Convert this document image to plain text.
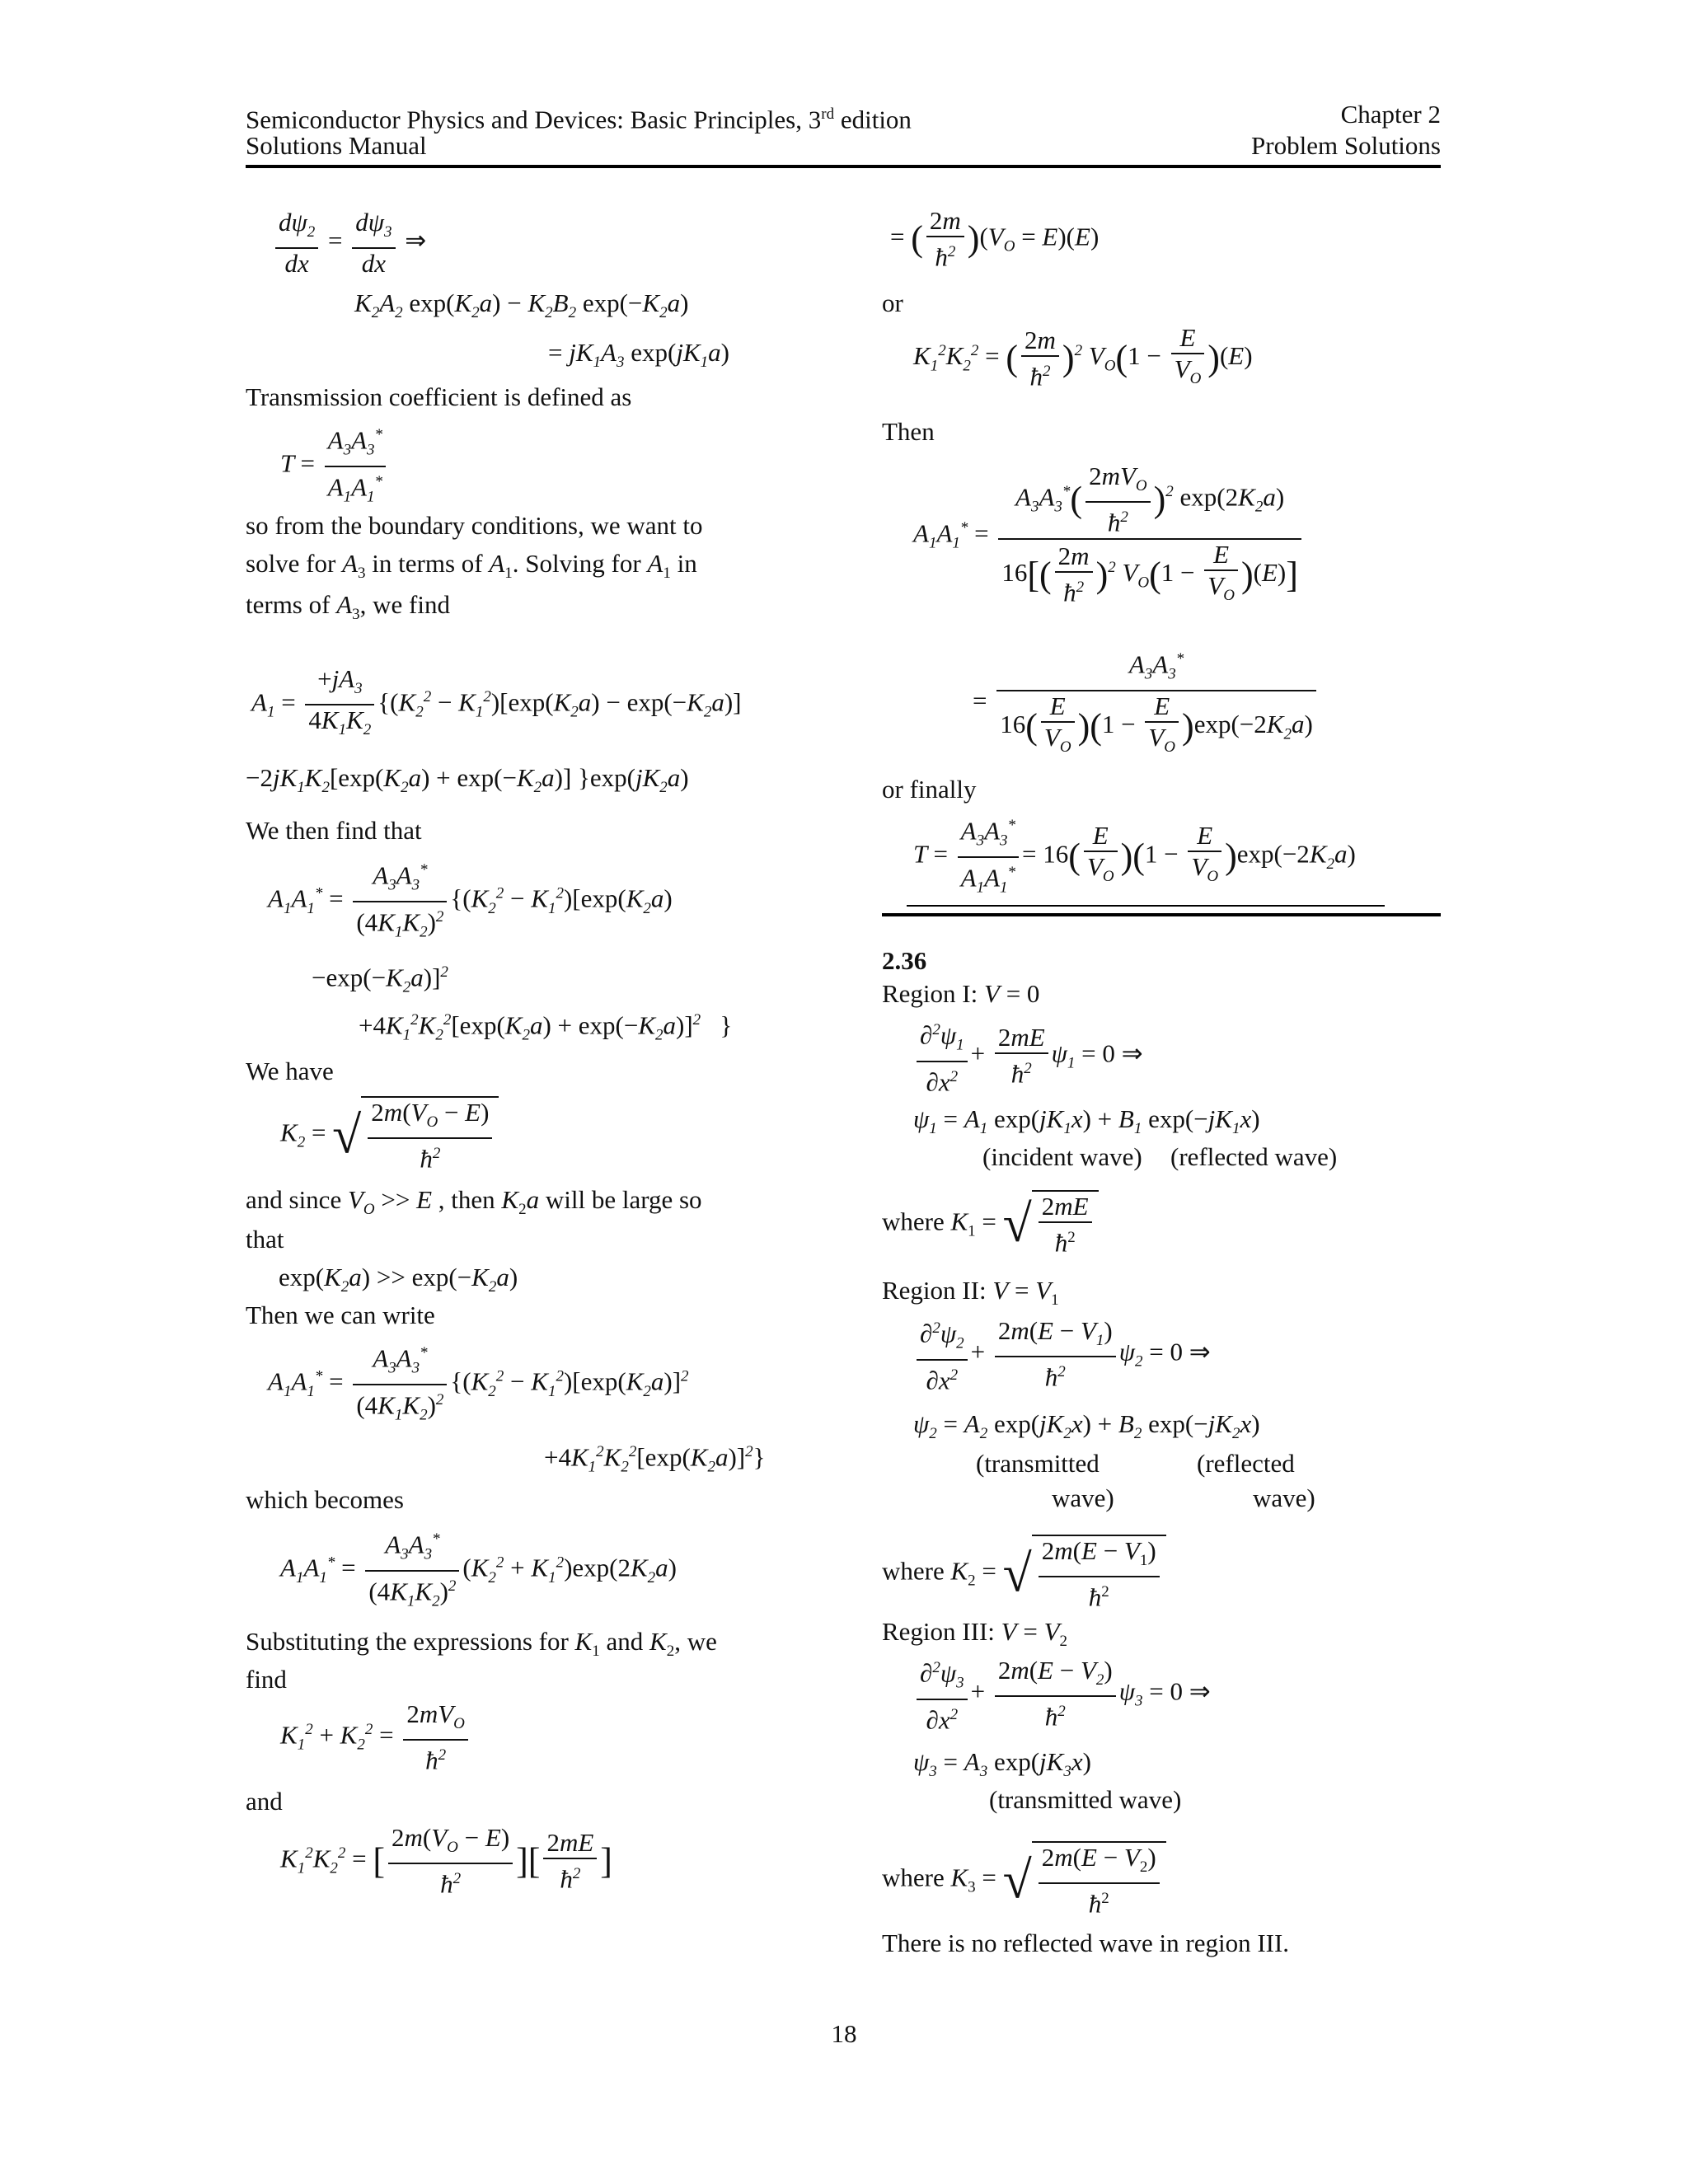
Semiconductor Physics and Devices: Basic Principles, 3rd edition
Solutions Manual
Chapter 2
Problem Solutions
$\frac{d\psi_2}{dx} = \frac{d\psi_3}{dx}$ ⇒
$K_2A_2$ $\exp(K_2a) - K_2B_2$ $\exp(-K_2a)$
= $jK_1A_3$ $\exp(jK_1a)$
Transmission coefficient is defined as
$T = \frac{A_3A_3^*}{A_1A_1^*}$
so from the boundary conditions, we want to
solve for $A_3$ in terms of $A_1$. Solving for $A_1$ in
terms of $A_3$, we find
$A_1 = \frac{+jA_3}{4K_1K_2} \{(K_2^2 - K_1^2)[\exp(K_2a) - \exp(-K_2a)]$
$-2jK_1K_2[\exp(K_2a) + \exp(-K_2a)]$ }$\exp(jK_2a)$
We then find that
$A_1A_1^* = \frac{A_3A_3^*}{(4K_1K_2)^2} \{(K_2^2 - K_1^2)[\exp(K_2a)$
$-\exp(-K_2a)]^2$
$+4K_1^2K_2^2[\exp(K_2a) + \exp(-K_2a)]^2$   }
We have
$K_2$ = √ $\frac{2m(V_O - E)}{ħ^2}$
and since $V_O >> E$ , then $K_2a$ will be large so
that
$\exp(K_2a) >> \exp(-K_2a)$
Then we can write
$A_1A_1^* = \frac{A_3A_3^*}{(4K_1K_2)^2} \{(K_2^2 - K_1^2)[\exp(K_2a)]^2$
$+4K_1^2K_2^2[\exp(K_2a)]^2$}
which becomes
$A_1A_1^* = \frac{A_3A_3^*}{(4K_1K_2)^2} (K_2^2 + K_1^2)\exp(2K_2a)$
Substituting the expressions for $K_1$ and $K_2$, we
find
$K_1^2 + K_2^2 = \frac{2mV_O}{ħ^2}$
and
$K_1^2K_2^2$ = [ $\frac{2m(V_O - E)}{ħ^2}$ ][ $\frac{2mE}{ħ^2}$ ]
= ( $\frac{2m}{ħ^2} )(V_O = E)(E)$
or
$K_1^2K_2^2$ = ( $\frac{2m}{ħ^2} )^2$ $V_O(1 - \frac{E}{V_O} )(E)$
Then
$A_1A_1^* = \frac{A_3A_3^*( \frac{2mV_O}{ħ^2} )^2 \exp(2K_2a)}{16[( \frac{2m}{ħ^2} )^2 V_O(1 - \frac{E}{V_O} )(E)]}$
= $\frac{A_3A_3^*}{16( \frac{E}{V_O} )(1 - \frac{E}{V_O} )\exp(-2K_2a)}$
or finally
$T = \frac{A_3A_3^*}{A_1A_1^*} = 16( \frac{E}{V_O} )(1 - \frac{E}{V_O} )\exp(-2K_2a)$
2.36
Region I: V = 0
$\frac{\partial^2\psi_1}{\partial x^2} + \frac{2mE}{ħ^2} \psi_1 = 0$ ⇒
$\psi_1 = A_1$ $\exp(jK_1x) + B_1$ $\exp(-jK_1x)$
(incident wave) (reflected wave)
where $K_1$ = √ $\frac{2mE}{ħ^2}$
Region II: $V = V_1$
$\frac{\partial^2\psi_2}{\partial x^2} + \frac{2m(E - V_1)}{ħ^2} \psi_2 = 0$ ⇒
$\psi_2 = A_2$ $\exp(jK_2x) + B_2$ $\exp(-jK_2x)$
(transmitted
wave)
(reflected
wave)
where $K_2$ = √ $\frac{2m(E - V_1)}{ħ^2}$
Region III: $V = V_2$
$\frac{\partial^2\psi_3}{\partial x^2} + \frac{2m(E - V_2)}{ħ^2} \psi_3 = 0$ ⇒
$\psi_3 = A_3$ $\exp(jK_3x)$
(transmitted wave)
where $K_3$ = √ $\frac{2m(E - V_2)}{ħ^2}$
There is no reflected wave in region III.
18
